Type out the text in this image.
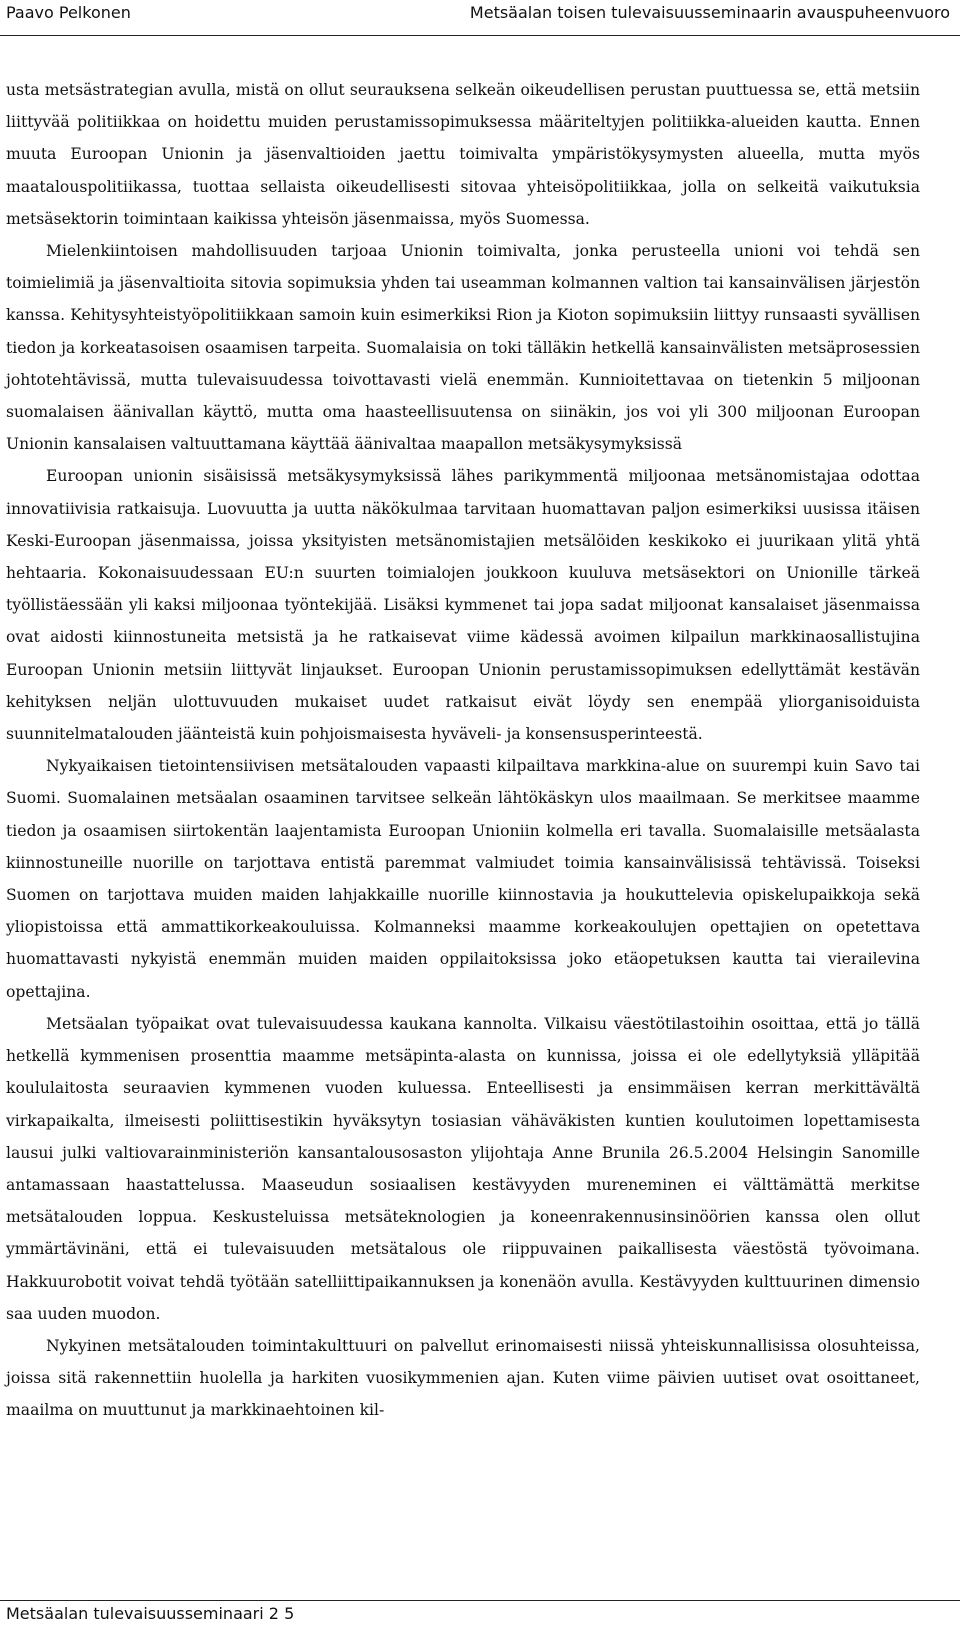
Paavo Pelkonen	Metsäalan toisen tulevaisuusseminaarin avauspuheenvuoro

usta metsästrategian avulla, mistä on ollut seurauksena selkeän oikeudellisen perustan puuttuessa se, että metsiin liittyvää politiikkaa on hoidettu muiden perustamissopimuksessa määriteltyjen politiikka-alueiden kautta. Ennen muuta Euroopan Unionin ja jäsenvaltioiden jaettu toimivalta ympäristökysymysten alueella, mutta myös maatalouspolitiikassa, tuottaa sellaista oikeudellisesti sitovaa yhteisöpolitiikkaa, jolla on selkeitä vaikutuksia metsäsektorin toimintaan kaikissa yhteisön jäsenmaissa, myös Suomessa.

Mielenkiintoisen mahdollisuuden tarjoaa Unionin toimivalta, jonka perusteella unioni voi tehdä sen toimielimiä ja jäsenvaltioita sitovia sopimuksia yhden tai useamman kolmannen valtion tai kansainvälisen järjestön kanssa. Kehitysyhteistyöpolitiikkaan samoin kuin esimerkiksi Rion ja Kioton sopimuksiin liittyy runsaasti syvällisen tiedon ja korkeatasoisen osaamisen tarpeita. Suomalaisia on toki tälläkin hetkellä kansainvälisten metsäprosessien johtotehtävissä, mutta tulevaisuudessa toivottavasti vielä enemmän. Kunnioitettavaa on tietenkin 5 miljoonan suomalaisen äänivallan käyttö, mutta oma haasteellisuutensa on siinäkin, jos voi yli 300 miljoonan Euroopan Unionin kansalaisen valtuuttamana käyttää äänivaltaa maapallon metsäkysymyksissä

Euroopan unionin sisäisissä metsäkysymyksissä lähes parikymmentä miljoonaa metsänomistajaa odottaa innovatiivisia ratkaisuja. Luovuutta ja uutta näkökulmaa tarvitaan huomattavan paljon esimerkiksi uusissa itäisen Keski-Euroopan jäsenmaissa, joissa yksityisten metsänomistajien metsälöiden keskikoko ei juurikaan ylitä yhtä hehtaaria. Kokonaisuudessaan EU:n suurten toimialojen joukkoon kuuluva metsäsektori on Unionille tärkeä työllistäessään yli kaksi miljoonaa työntekijää. Lisäksi kymmenet tai jopa sadat miljoonat kansalaiset jäsenmaissa ovat aidosti kiinnostuneita metsistä ja he ratkaisevat viime kädessä avoimen kilpailun markkinaosallistujina Euroopan Unionin metsiin liittyvät linjaukset. Euroopan Unionin perustamissopimuksen edellyttämät kestävän kehityksen neljän ulottuvuuden mukaiset uudet ratkaisut eivät löydy sen enempää yliorganisoiduista suunnitelmatalouden jäänteistä kuin pohjoismaisesta hyväveli- ja konsensusperinteestä.

Nykyaikaisen tietointensiivisen metsätalouden vapaasti kilpailtava markkina-alue on suurempi kuin Savo tai Suomi. Suomalainen metsäalan osaaminen tarvitsee selkeän lähtökäskyn ulos maailmaan. Se merkitsee maamme tiedon ja osaamisen siirtokentän laajentamista Euroopan Unioniin kolmella eri tavalla. Suomalaisille metsäalasta kiinnostuneille nuorille on tarjottava entistä paremmat valmiudet toimia kansainvälisissä tehtävissä. Toiseksi Suomen on tarjottava muiden maiden lahjakkaille nuorille kiinnostavia ja houkuttelevia opiskelupaikkoja sekä yliopistoissa että ammattikorkeakouluissa. Kolmanneksi maamme korkeakoulujen opettajien on opetettava huomattavasti nykyistä enemmän muiden maiden oppilaitoksissa joko etäopetuksen kautta tai vierailevina opettajina.

Metsäalan työpaikat ovat tulevaisuudessa kaukana kannolta. Vilkaisu väestötilastoihin osoittaa, että jo tällä hetkellä kymmenisen prosenttia maamme metsäpinta-alasta on kunnissa, joissa ei ole edellytyksiä ylläpitää koululaitosta seuraavien kymmenen vuoden kuluessa. Enteellisesti ja ensimmäisen kerran merkittävältä virkapaikalta, ilmeisesti poliittisestikin hyväksytyn tosiasian vähäväkisten kuntien koulutoimen lopettamisesta lausui julki valtiovarainministeriön kansantalousosaston ylijohtaja Anne Brunila 26.5.2004 Helsingin Sanomille antamassaan haastattelussa. Maaseudun sosiaalisen kestävyyden mureneminen ei välttämättä merkitse metsätalouden loppua. Keskusteluissa metsäteknologien ja koneenrakennusinsinöörien kanssa olen ollut ymmärtävinäni, että ei tulevaisuuden metsätalous ole riippuvainen paikallisesta väestöstä työvoimana. Hakkuurobotit voivat tehdä työtään satelliittipaikannuksen ja konenäön avulla. Kestävyyden kulttuurinen dimensio saa uuden muodon.

Nykyinen metsätalouden toimintakulttuuri on palvellut erinomaisesti niissä yhteiskunnallisissa olosuhteissa, joissa sitä rakennettiin huolella ja harkiten vuosikymmenien ajan. Kuten viime päivien uutiset ovat osoittaneet, maailma on muuttunut ja markkinaehtoinen kil-

Metsäalan tulevaisuusseminaari 2 5
